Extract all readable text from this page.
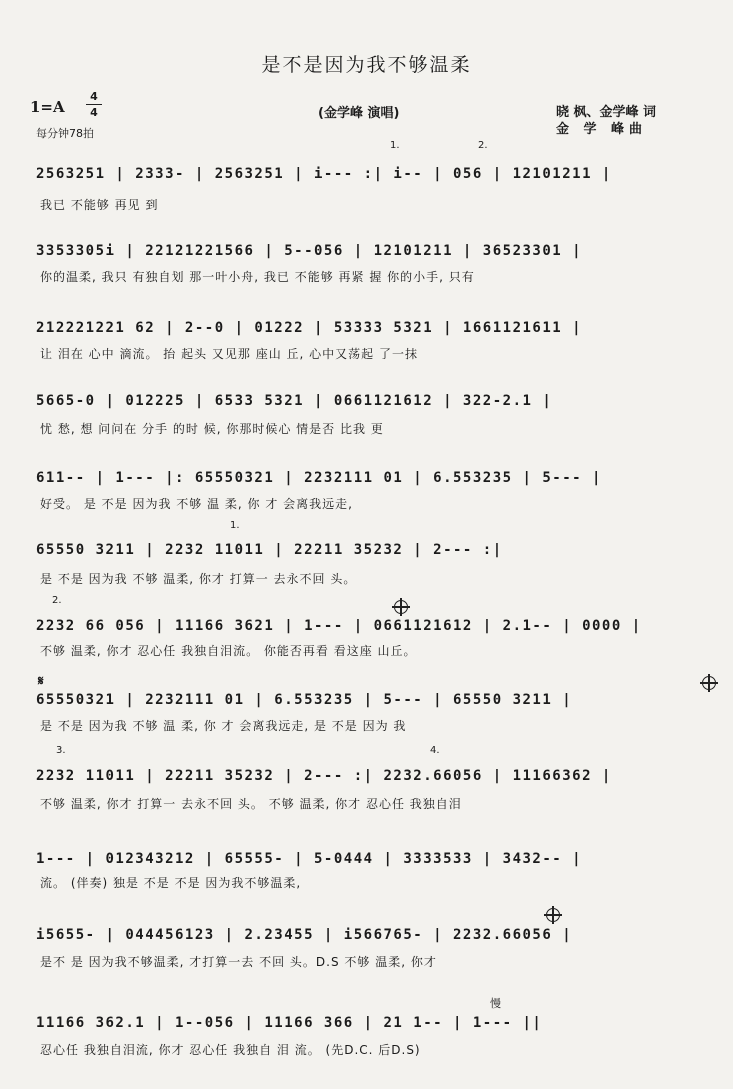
是不是因为我不够温柔
1=A
4
4
每分钟78拍
(金学峰 演唱)	晓 枫、金学峰 词
金 学 峰曲
2563251 | 2333- | 2563251 | i--- :| i-- | 056 | 12101211 |
我已 不能够 再见 到
1.	2.
3353305i | 22121221566 | 5--056 | 12101211 | 36523301 |
你的温柔, 我只 有独自划 那一叶小舟, 我已 不能够 再紧 握 你的小手, 只有
212221221 62 | 2--0 | 01222 | 53333 5321 | 1661121611 |
让 泪在 心中 滴流。 抬 起头 又见那 座山 丘, 心中又荡起 了一抹
5665-0 | 012225 | 6533 5321 | 0661121612 | 322-2.1 |
忧 愁, 想 问问在 分手 的时 候, 你那时候心 情是否 比我 更
611-- | 1--- |: 65550321 | 2232111 01 | 6.553235 | 5--- |
好受。 是 不是 因为我 不够 温 柔, 你 才 会离我远走,
1.
65550 3211 | 2232 11011 | 22211 35232 | 2--- :|
是 不是 因为我 不够 温柔, 你才 打算一 去永不回 头。
2.
2232 66 056 | 11166 3621 | 1--- | 0661121612 | 2.1-- | 0000 |
不够 温柔, 你才 忍心任 我独自泪流。 你能否再看 看这座 山丘。
𝄋
65550321 | 2232111 01 | 6.553235 | 5--- | 65550 3211 |
是 不是 因为我 不够 温 柔, 你 才 会离我远走, 是 不是 因为 我
3.	4.
2232 11011 | 22211 35232 | 2--- :| 2232.66056 | 11166362 |
不够 温柔, 你才 打算一 去永不回 头。 不够 温柔, 你才 忍心任 我独自泪
1--- | 012343212 | 65555- | 5-0444 | 3333533 | 3432-- |
流。 (伴奏) 独是 不是 不是 因为我不够温柔,
i5655- | 044456123 | 2.23455 | i566765- | 2232.66056 |
是不 是 因为我不够温柔, 才打算一去 不回 头。D.S 不够 温柔, 你才
慢
11166 362.1 | 1--056 | 11166 366 | 21 1-- | 1--- ||
忍心任 我独自泪流, 你才 忍心任 我独自 泪 流。 (先D.C. 后D.S)
